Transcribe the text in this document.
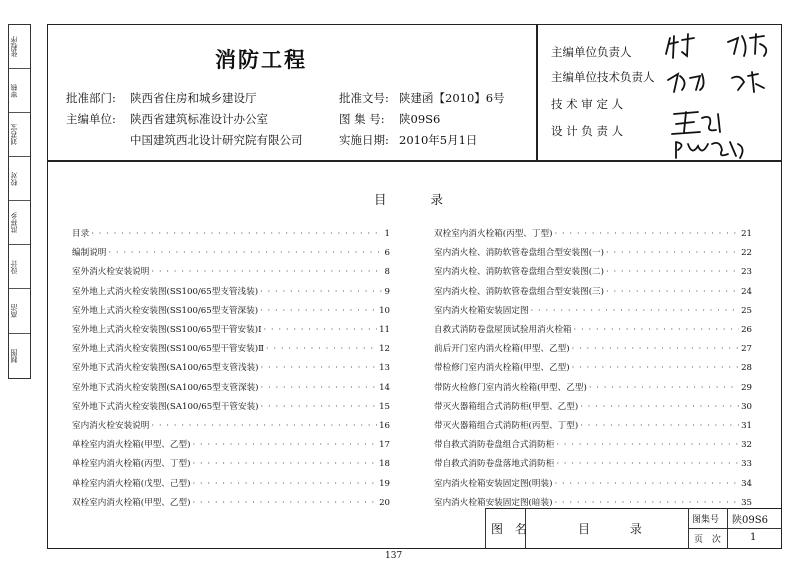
张程序
审核
刘君宝
校对
洪祥乡
设计
高洁
制图
消防工程
批准部门: 陕西省住房和城乡建设厅
主编单位: 陕西省建筑标准设计办公室
中国建筑西北设计研究院有限公司
批准文号: 陕建函【2010】6号
图 集 号: 陕09S6
实施日期: 2010年5月1日
主编单位负责人
主编单位技术负责人
技 术 审 定 人
设 计 负 责 人
目 录
目录 · · ·	1
编制说明 · · ·	6
室外消火栓安装说明 · · ·	8
室外地上式消火栓安装图(SS100/65型支管浅装) · · ·	9
室外地上式消火栓安装图(SS100/65型支管深装) · · ·	10
室外地上式消火栓安装图(SS100/65型干管安装)Ⅰ · · ·	11
室外地上式消火栓安装图(SS100/65型干管安装)Ⅱ · · ·	12
室外地下式消火栓安装图(SA100/65型支管浅装) · · ·	13
室外地下式消火栓安装图(SA100/65型支管深装) · · ·	14
室外地下式消火栓安装图(SA100/65型干管安装) · · ·	15
室内消火栓安装说明 · · ·	16
单栓室内消火栓箱(甲型、乙型) · · ·	17
单栓室内消火栓箱(丙型、丁型) · · ·	18
单栓室内消火栓箱(戊型、己型) · · ·	19
双栓室内消火栓箱(甲型、乙型) · · ·	20
双栓室内消火栓箱(丙型、丁型) · · ·	21
室内消火栓、消防软管卷盘组合型安装图(一) · · ·	22
室内消火栓、消防软管卷盘组合型安装图(二) · · ·	23
室内消火栓、消防软管卷盘组合型安装图(三) · · ·	24
室内消火栓箱安装固定图 · · ·	25
自救式消防卷盘屋顶试验用消火栓箱 · · ·	26
前后开门室内消火栓箱(甲型、乙型) · · ·	27
带检修门室内消火栓箱(甲型、乙型) · · ·	28
带防火检修门室内消火栓箱(甲型、乙型) · · ·	29
带灭火器箱组合式消防柜(甲型、乙型) · · ·	30
带灭火器箱组合式消防柜(丙型、丁型) · · ·	31
带自救式消防卷盘组合式消防柜 · · ·	32
带自救式消防卷盘落地式消防柜 · · ·	33
室内消火栓箱安装固定图(明装) · · ·	34
室内消火栓箱安装固定图(暗装) · · ·	35
图 名	目 录
图集号 陕09S6
页 次	1
137
